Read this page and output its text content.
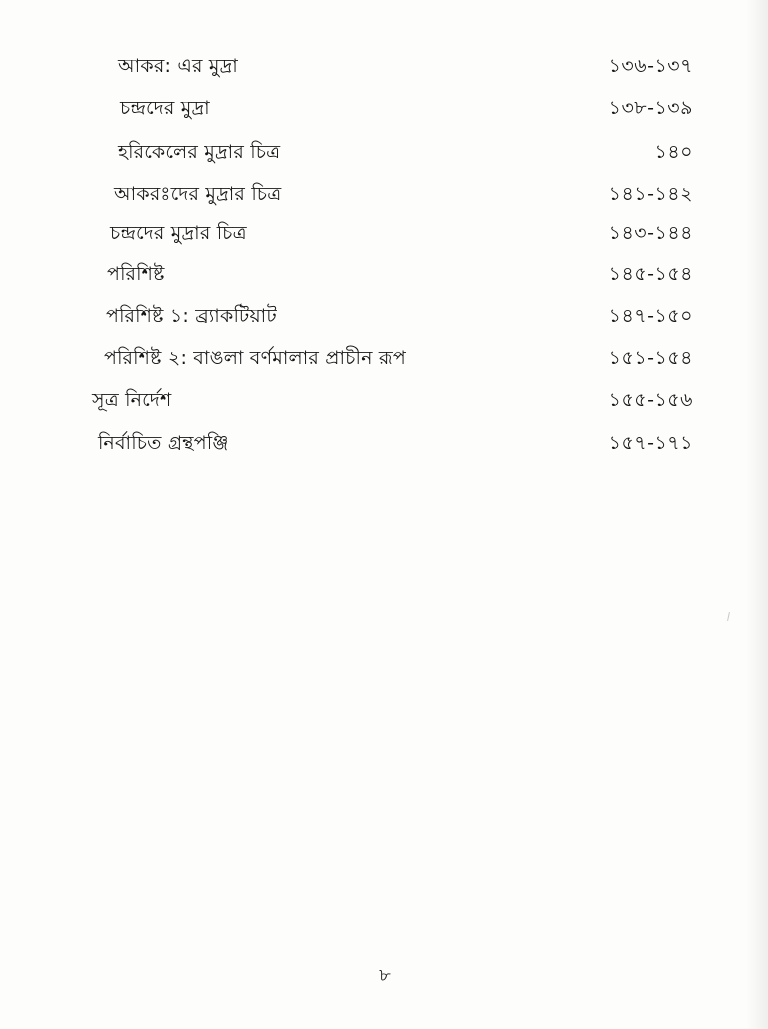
আকর: এর মুদ্রা	১৩৬-১৩৭
চন্দ্রদের মুদ্রা	১৩৮-১৩৯
হরিকেলের মুদ্রার চিত্র	১৪০
আকরঃদের মুদ্রার চিত্র	১৪১-১৪২
চন্দ্রদের মুদ্রার চিত্র	১৪৩-১৪৪
পরিশিষ্ট	১৪৫-১৫৪
পরিশিষ্ট ১: ব্র্যাকটিয়াট	১৪৭-১৫০
পরিশিষ্ট ২: বাঙলা বর্ণমালার প্রাচীন রূপ	১৫১-১৫৪
সূত্র নির্দেশ	১৫৫-১৫৬
নির্বাচিত গ্রন্থপঞ্জি	১৫৭-১৭১
৮
